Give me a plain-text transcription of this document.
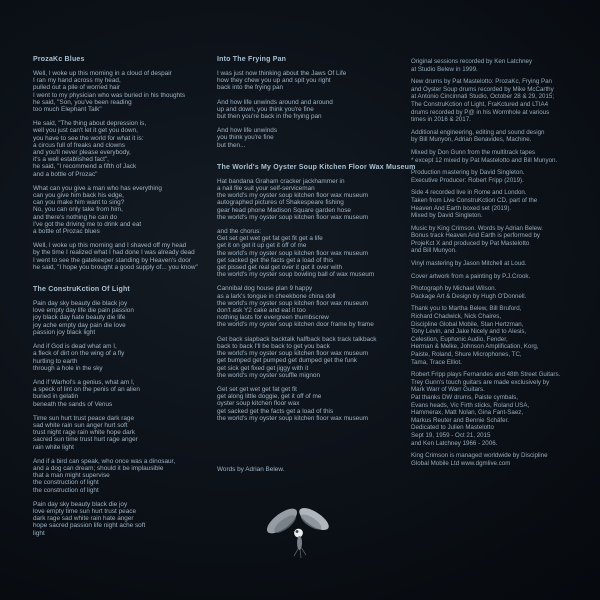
ProzaKc Blues
Well, I woke up this morning in a cloud of despair
I ran my hand across my head,
pulled out a pile of worried hair
I went to my physician who was buried in his thoughts
he said, "Son, you've been reading
too much Elephant Talk"
He said, "The thing about depression is,
well you just can't let it get you down,
you have to see the world for what it is:
a circus full of freaks and clowns
and you'll never please everybody,
it's a well established fact",
he said, "I recommend a fifth of Jack
and a bottle of Prozac"
What can you give a man who has everything
can you give him back his edge,
can you make him want to sing?
No, you can only take from him,
and there's nothing he can do
I've got the driving me to drink and eat
a bottle of Prozac blues
Well, I woke up this morning and I shaved off my head
by the time I realized what I had done I was already dead
I went to see the gatekeeper standing by Heaven's door
he said, "I hope you brought a good supply of... you know"
The ConstruKction Of Light
Pain day sky beauty die black joy
love empty day life die pain passion
joy black day hate beauty die life
joy ache empty day pain die love
passion joy black light
And if God is dead what am I,
a fleck of dirt on the wing of a fly
hurtling to earth
through a hole in the sky
And if Warhol's a genius, what am I,
a speck of lint on the penis of an alien
buried in gelatin
beneath the sands of Venus
Time sun hurt trust peace dark rage
sad white rain sun anger hurt soft
trust night rage rain white hope dark
sacred sun time trust hurt rage anger
rain white light
And if a bird can speak, who once was a dinosaur,
and a dog can dream; should it be implausible
that a man might supervise
the construction of light
the construction of light
Pain day sky beauty black die joy
love empty time sun hurt trust peace
dark rage sad white rain hate anger
hope sacred passion life night ache soft
light
Into The Frying Pan
I was just now thinking about the Jaws Of Life
how they chew you up and spit you right
back into the frying pan
And how life unwinds around and around
up and down, you think you're fine
but then you're back in the frying pan
And how life unwinds
you think you're fine
but then...
The World's My Oyster Soup Kitchen Floor Wax Museum
Hat bandana Graham cracker jackhammer in
a nail file suit your self-serviceman
the world's my oyster soup kitchen floor wax museum
autographed pictures of Shakespeare fishing
gear head phone Madison Square garden hose
the world's my oyster soup kitchen floor wax museum
and the chorus:
Get set get wet get fat get fit get a life
get it on get it up get it off of me
the world's my oyster soup kitchen floor wax museum
get sacked get the facts get a load of this
get pissed get real get over it get it over with
the world's my oyster soup bowling ball of wax museum
Cannibal dog house plan 9 happy
as a lark's tongue in cheekbone china doll
the world's my oyster soup kitchen floor wax museum
don't ask Y2 cake and eat it too
nothing lasts for evergreen thumbscrew
the world's my oyster soup kitchen door frame by frame
Get back slapback backtalk halfback back track talkback
back to back I'll be back to get you back
the world's my oyster soup kitchen floor wax museum
get bumped get pumped get dumped get the funk
get sick get fixed get jiggy with it
the world's my oyster souffle mignon
Get set get wet get fat get fit
get along little doggie, get it off of me
oyster soup kitchen floor wax
get sacked get the facts get a load of this
the world's my oyster soup kitchen floor wax museum
Words by Adrian Belew.
Original sessions recorded by Ken Latchney
at Studio Belew in 1999.
New drums by Pat Mastelotto: ProzaKc, Frying Pan
and Oyster Soup drums recorded by Mike McCarthy
at Antonio Cincinnati Studio, October 28 & 29, 2015;
The ConstruKction of Light, FraKctured and LTIA4
drums recorded by P@ in his Wormhole at various
times in 2016 & 2017.
Additional engineering, editing and sound design
by Bill Munyon, Adrian Benavides, Machine.
Mixed by Don Gunn from the multitrack tapes
* except 12 mixed by Pat Mastelotto and Bill Munyon.
Production mastering by David Singleton.
Executive Producer: Robert Fripp (2019).
Side 4 recorded live in Rome and London.
Taken from Live ConstruKction CD, part of the
Heaven And Earth boxed set (2019).
Mixed by David Singleton.
Music by King Crimson. Words by Adrian Belew.
Bonus track Heaven And Earth is performed by
ProjeKct X and produced by Pat Mastelotto
and Bill Munyon.
Vinyl mastering by Jason Mitchell at Loud.
Cover artwork from a painting by P.J.Crook.
Photograph by Michael Wilson.
Package Art & Design by Hugh O'Donnell.
Thank you to Martha Belew, Bill Bruford,
Richard Chadwick, Nick Chaires,
Discipline Global Mobile, Stan Hertzman,
Tony Levin, and Jake Nicely and to Alesis,
Celestion, Euphonic Audio, Fender,
Herman & Melke, Johnson Amplification, Korg,
Paiste, Roland, Shure Microphones, TC,
Tama, Trace Elliot.
Robert Fripp plays Fernandes and 48th Street Guitars.
Trey Gunn's touch guitars are made exclusively by
Mark Warr of Warr Guitars.
Pat thanks DW drums, Paiste cymbals,
Evans heads, Vic Firth sticks, Roland USA,
Hammerax, Matt Nolan, Gina Fant-Saez,
Markus Reuter and Bennie Schäfer.
Dedicated to Julien Mastelotto
Sept 19, 1959 - Oct 21, 2015
and Ken Latchney 1966 - 2006.
King Crimson is managed worldwide by Discipline
Global Mobile Ltd www.dgmlive.com
